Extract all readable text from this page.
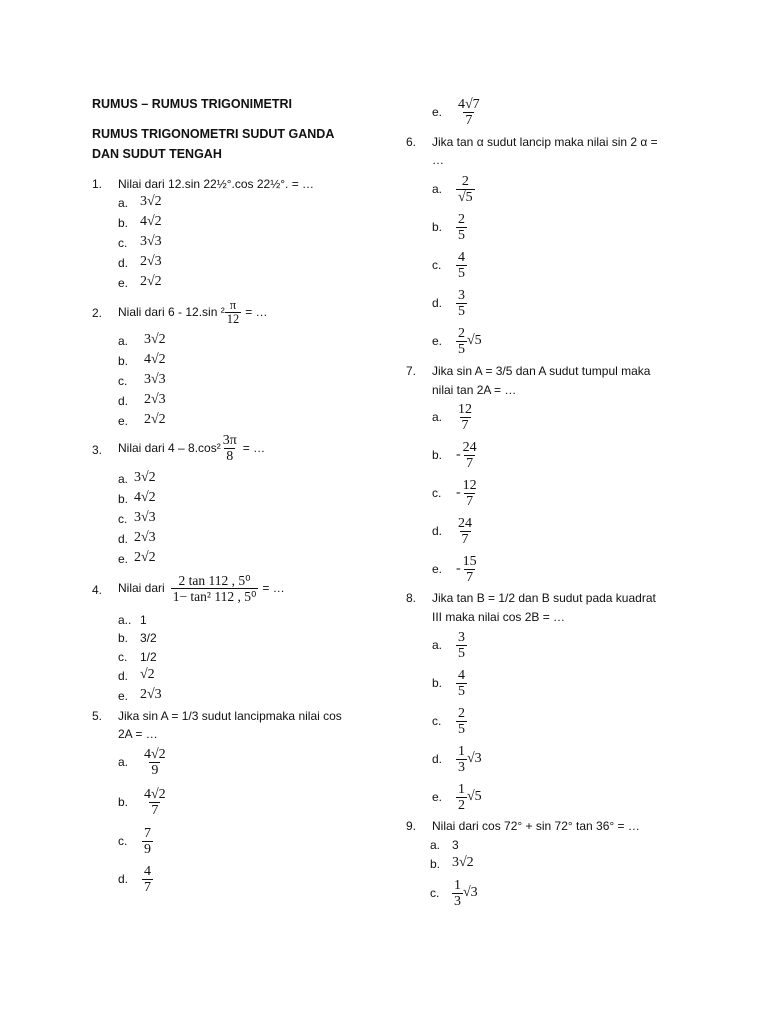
RUMUS – RUMUS TRIGONIMETRI
RUMUS TRIGONOMETRI SUDUT GANDA
DAN SUDUT TENGAH
1. Nilai dari 12.sin 22½°.cos 22½°. = …
a. 3√2
b. 4√2
c. 3√3
d. 2√3
e. 2√2
2. Niali dari 6 - 12.sin $^2 \frac{\pi}{12}$ = …
a. 3√2
b. 4√2
c. 3√3
d. 2√3
e. 2√2
3. Nilai dari $4 - 8.\cos^2 \frac{3\pi}{8}$ = …
a. 3√2
b. 4√2
c. 3√3
d. 2√3
e. 2√2
4. Nilai dari $\frac{\text{2 tan 112 , 5⁰}}{\text{1− tan² 112 , 5⁰}}$ = …
a.. 1
b. 3/2
c. 1/2
d. √2
e. 2√3
5. Jika sin A = 1/3 sudut lancipmaka nilai cos
2A = …
a. $\frac{4√2}{9}$
b. $\frac{4√2}{7}$
c.	$\frac{7}{9}$
d. $\frac{4}{7}$
e. $\frac{4√7}{7}$
6. Jika tan α sudut lancip maka nilai sin 2 α =
…
a. $\frac{2}{√5}$
b. $\frac{2}{5}$
c.	$\frac{4}{5}$
d. $\frac{3}{5}$
e. $\frac{2}{5} √5$
7. Jika sin A = 3/5 dan A sudut tumpul maka
nilai tan 2A = …
a. $\frac{12}{7}$
b. - $\frac{24}{7}$
c.	- $\frac{12}{7}$
d. $\frac{24}{7}$
e. - $\frac{15}{7}$
8. Jika tan B = 1/2 dan B sudut pada kuadrat
III maka nilai cos 2B = …
a. $\frac{3}{5}$
b. $\frac{4}{5}$
c.	$\frac{2}{5}$
d. $\frac{1}{3} √3$
e. $\frac{1}{2} √5$
9. Nilai dari cos 72° + sin 72° tan 36° = …
a. 3
b. 3√2
c. $\frac{1}{3} √3$
